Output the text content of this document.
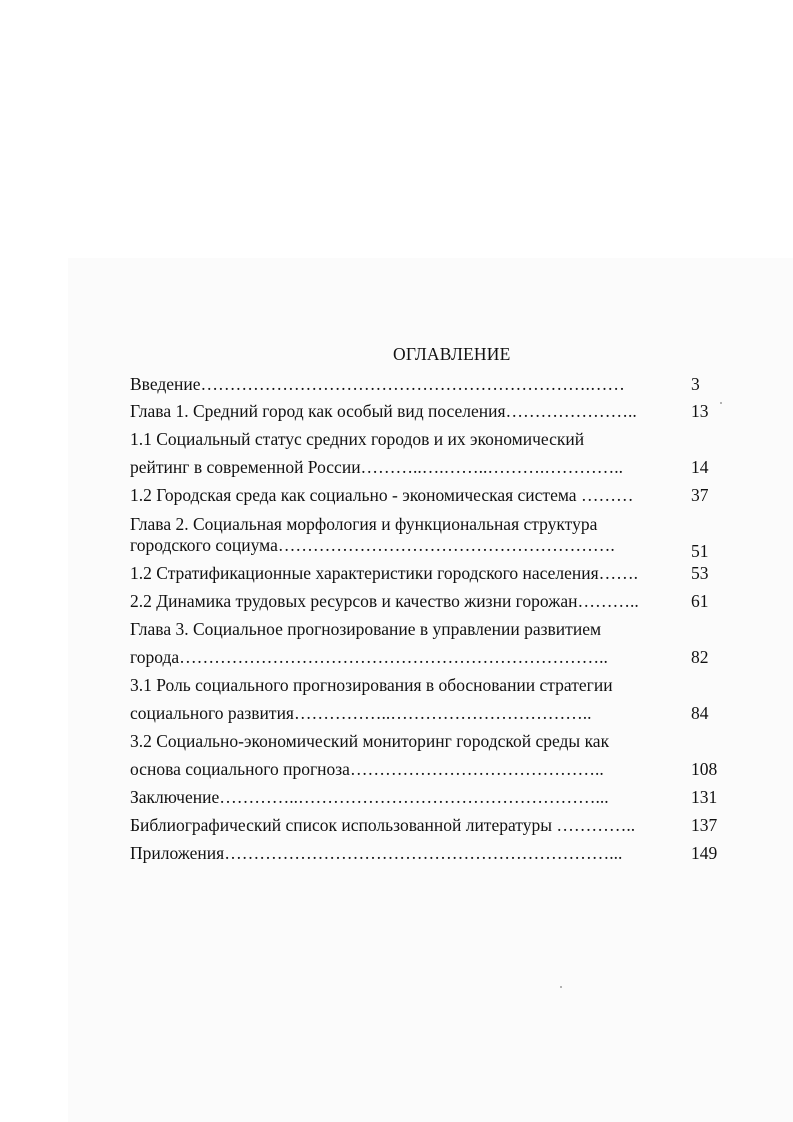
ОГЛАВЛЕНИЕ
Введение………………………………………………………….……	3
Глава 1. Средний город как особый вид поселения…………………..	13
1.1 Социальный статус средних городов и их экономический
рейтинг в современной России………..….……..……….…………..	14
1.2 Городская среда как социально - экономическая система ………	37
Глава 2. Социальная морфология и функциональная структура
городского социума………………………………………………….	51
1.2 Стратификационные характеристики городского населения…….	53
2.2 Динамика трудовых ресурсов и качество жизни горожан………..	61
Глава 3. Социальное прогнозирование в управлении развитием
города………………………………………………………………..	82
3.1 Роль социального прогнозирования в обосновании стратегии
социального развития……………..……………………………..	84
3.2 Социально-экономический мониторинг городской среды как
основа социального прогноза……………………………………..	108
Заключение…………..……………………………………………...	131
Библиографический список использованной литературы …………..	137
Приложения…………………………………………………………...	149
